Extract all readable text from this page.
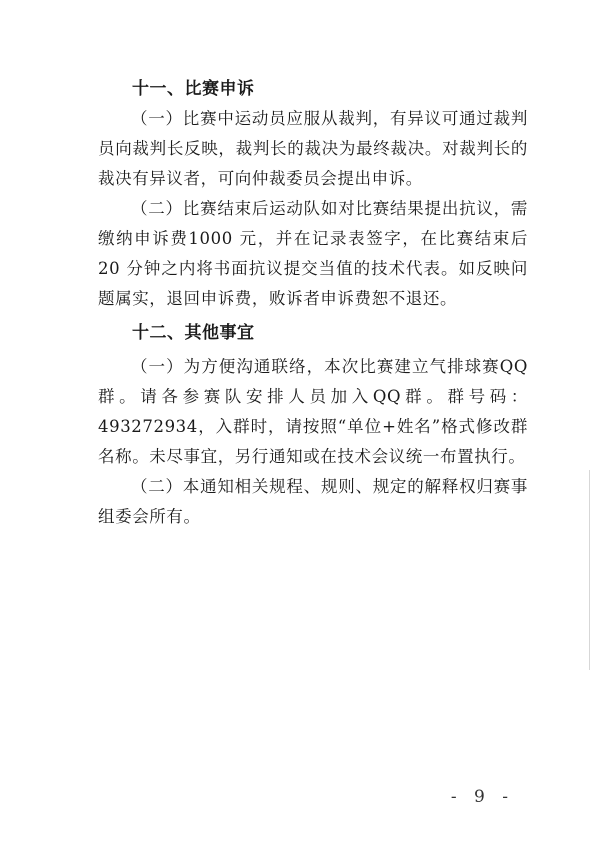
十一、比赛申诉

（一）比赛中运动员应服从裁判，有异议可通过裁判员向裁判长反映，裁判长的裁决为最终裁决。对裁判长的裁决有异议者，可向仲裁委员会提出申诉。

（二）比赛结束后运动队如对比赛结果提出抗议，需缴纳申诉费1000 元，并在记录表签字，在比赛结束后 20 分钟之内将书面抗议提交当值的技术代表。如反映问题属实，退回申诉费，败诉者申诉费恕不退还。

十二、其他事宜

（一）为方便沟通联络，本次比赛建立气排球赛QQ群。请各参赛队安排人员加入QQ群。群号码：493272934，入群时，请按照“单位+姓名”格式修改群名称。未尽事宜，另行通知或在技术会议统一布置执行。

（二）本通知相关规程、规则、规定的解释权归赛事组委会所有。

- 9 -
